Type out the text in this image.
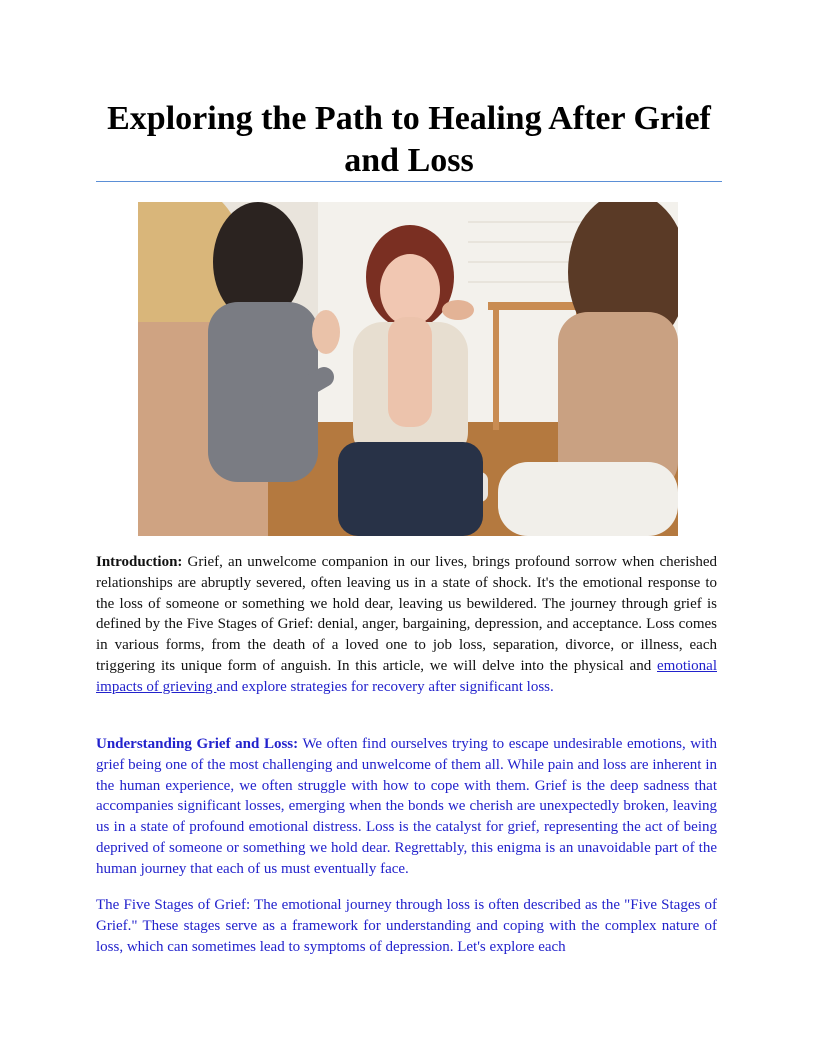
Exploring the Path to Healing After Grief and Loss

Introduction: Grief, an unwelcome companion in our lives, brings profound sorrow when cherished relationships are abruptly severed, often leaving us in a state of shock. It's the emotional response to the loss of someone or something we hold dear, leaving us bewildered. The journey through grief is defined by the Five Stages of Grief: denial, anger, bargaining, depression, and acceptance. Loss comes in various forms, from the death of a loved one to job loss, separation, divorce, or illness, each triggering its unique form of anguish. In this article, we will delve into the physical and emotional impacts of grieving and explore strategies for recovery after significant loss.

Understanding Grief and Loss: We often find ourselves trying to escape undesirable emotions, with grief being one of the most challenging and unwelcome of them all. While pain and loss are inherent in the human experience, we often struggle with how to cope with them. Grief is the deep sadness that accompanies significant losses, emerging when the bonds we cherish are unexpectedly broken, leaving us in a state of profound emotional distress. Loss is the catalyst for grief, representing the act of being deprived of someone or something we hold dear. Regrettably, this enigma is an unavoidable part of the human journey that each of us must eventually face.

The Five Stages of Grief: The emotional journey through loss is often described as the "Five Stages of Grief." These stages serve as a framework for understanding and coping with the complex nature of loss, which can sometimes lead to symptoms of depression. Let's explore each
